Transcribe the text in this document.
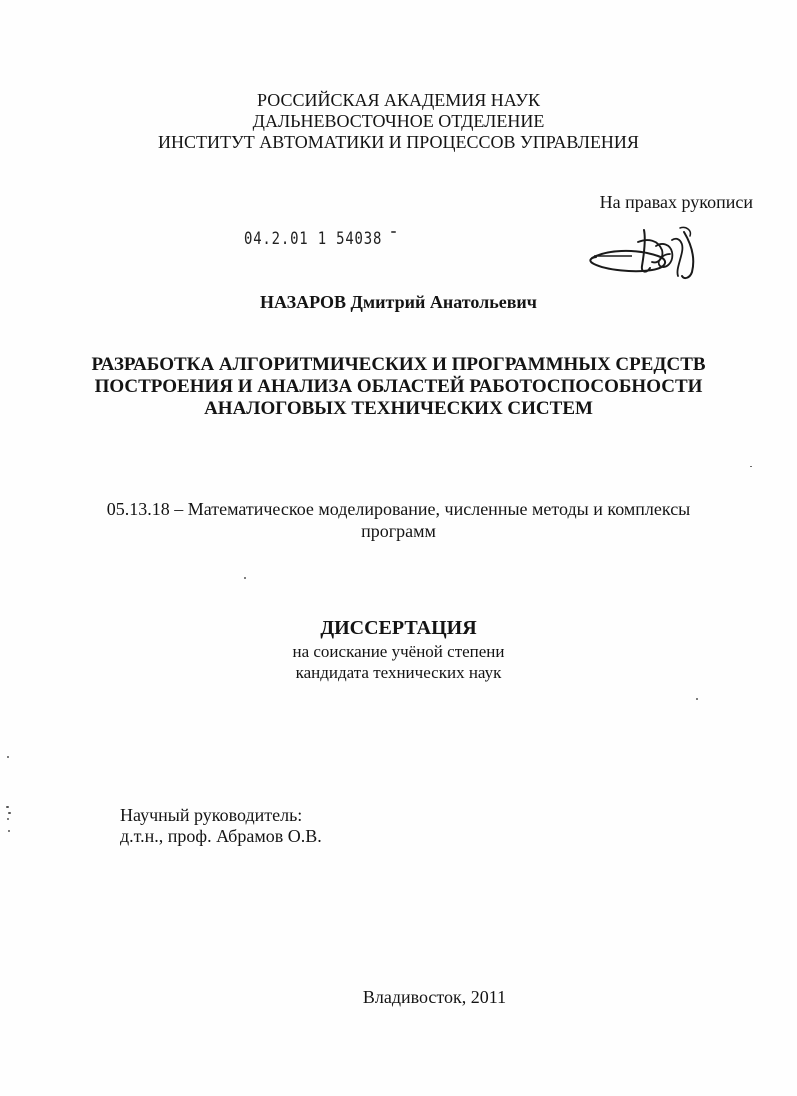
РОССИЙСКАЯ АКАДЕМИЯ НАУК
ДАЛЬНЕВОСТОЧНОЕ ОТДЕЛЕНИЕ
ИНСТИТУТ АВТОМАТИКИ И ПРОЦЕССОВ УПРАВЛЕНИЯ
На правах рукописи
04.2.01 1 54038
НАЗАРОВ Дмитрий Анатольевич
РАЗРАБОТКА АЛГОРИТМИЧЕСКИХ И ПРОГРАММНЫХ СРЕДСТВ
ПОСТРОЕНИЯ И АНАЛИЗА ОБЛАСТЕЙ РАБОТОСПОСОБНОСТИ
АНАЛОГОВЫХ ТЕХНИЧЕСКИХ СИСТЕМ
05.13.18 – Математическое моделирование, численные методы и комплексы
программ
ДИССЕРТАЦИЯ
на соискание учёной степени
кандидата технических наук
Научный руководитель:
д.т.н., проф. Абрамов О.В.
Владивосток, 2011
